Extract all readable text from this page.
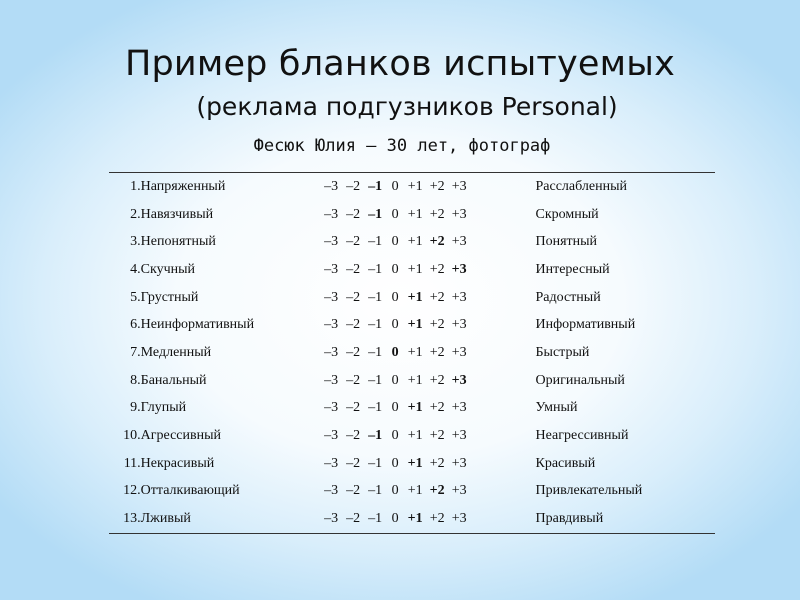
Пример бланков испытуемых
(реклама подгузников Personal)
Фесюк Юлия – 30 лет, фотограф
1.	Напряженный	–3 –2 –1 0 +1 +2 +3	Расслабленный
2.	Навязчивый	–3 –2 –1 0 +1 +2 +3	Скромный
3.	Непонятный	–3 –2 –1 0 +1 +2 +3	Понятный
4.	Скучный	–3 –2 –1 0 +1 +2 +3	Интересный
5.	Грустный	–3 –2 –1 0 +1 +2 +3	Радостный
6.	Неинформативный	–3 –2 –1 0 +1 +2 +3	Информативный
7.	Медленный	–3 –2 –1 0 +1 +2 +3	Быстрый
8.	Банальный	–3 –2 –1 0 +1 +2 +3	Оригинальный
9.	Глупый	–3 –2 –1 0 +1 +2 +3	Умный
10.	Агрессивный	–3 –2 –1 0 +1 +2 +3	Неагрессивный
11.	Некрасивый	–3 –2 –1 0 +1 +2 +3	Красивый
12.	Отталкивающий	–3 –2 –1 0 +1 +2 +3	Привлекательный
13.	Лживый	–3 –2 –1 0 +1 +2 +3	Правдивый
